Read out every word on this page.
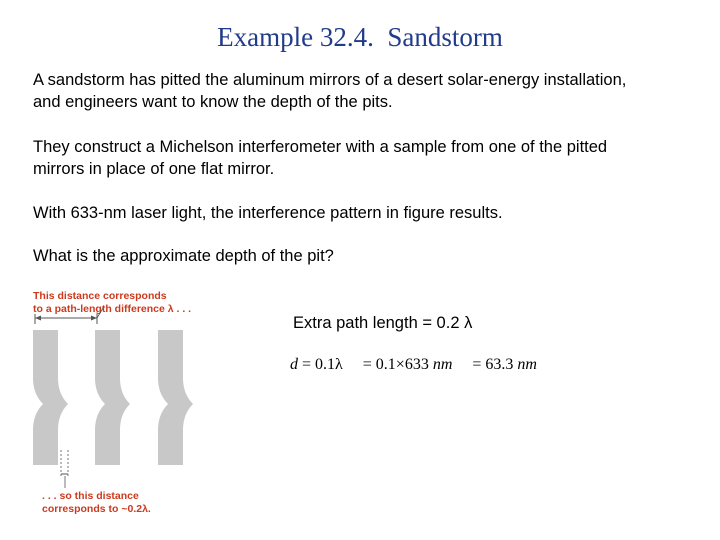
Example 32.4.  Sandstorm
A sandstorm has pitted the aluminum mirrors of a desert solar-energy installation,
and engineers want to know the depth of the pits.
They construct a Michelson interferometer with a sample from one of the pitted
mirrors in place of one flat mirror.
With 633-nm laser light, the interference pattern in figure results.
What is the approximate depth of the pit?
This distance corresponds
to a path-length difference λ . . .
. . . so this distance
corresponds to ~0.2λ.
Extra path length = 0.2 λ
d = 0.1λ = 0.1×633 nm = 63.3 nm
